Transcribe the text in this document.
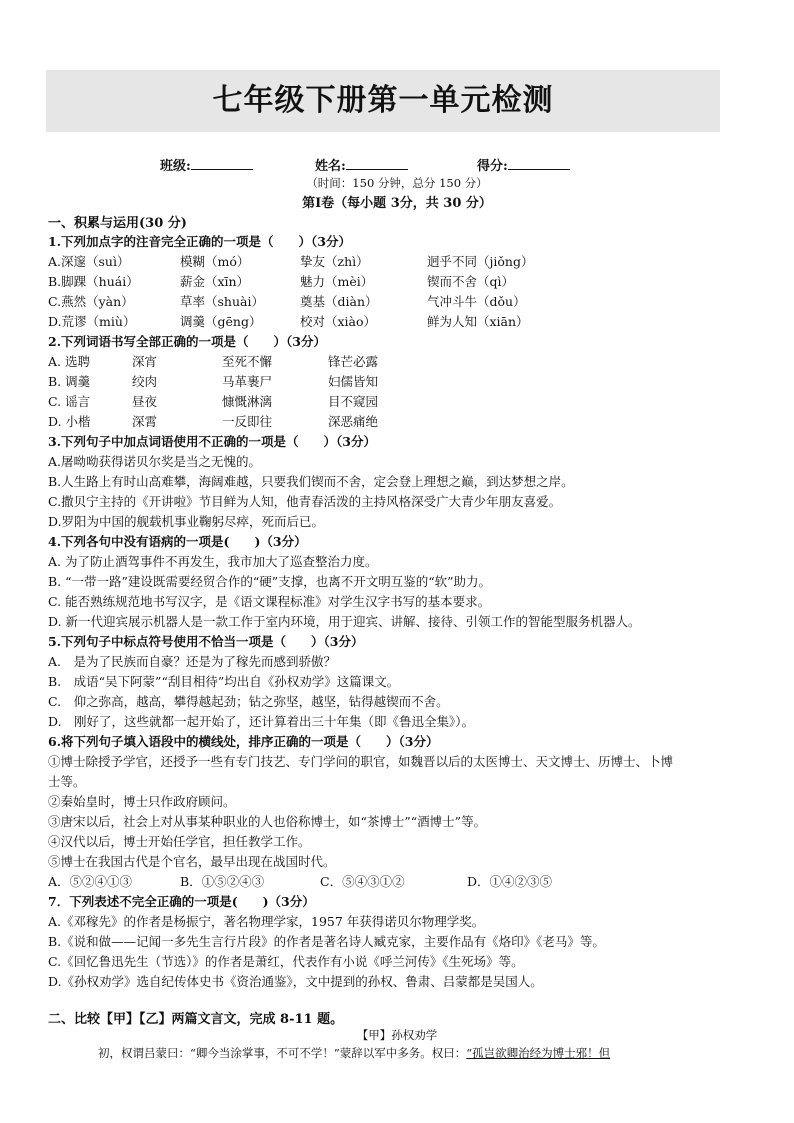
七年级下册第一单元检测
班级:	姓名:	得分:
（时间：150 分钟，总分 150 分）
第Ⅰ卷（每小题 3分，共 30 分）
一、积累与运用(30 分)
1.下列加点字的注音完全正确的一项是（　　）（3分）
A.深邃（suì）	模糊（mó）	挚友（zhì）	迥乎不同（jiǒng）
B.脚踝（huái）	薪金（xīn）	魅力（mèi）	锲而不舍（qì）
C.燕然（yàn）	草率（shuài）	奠基（diàn）	气冲斗牛（dǒu）
D.荒谬（miù）	调羹（gēng）	校对（xiào）	鲜为人知（xiān）
2.下列词语书写全部正确的一项是（　　）（3分）
A. 选聘	深宵	至死不懈	锋芒必露
B. 调羹	绞肉	马革裹尸	妇儒皆知
C. 谣言	昼夜	慷慨淋漓	目不窥园
D. 小楷	深霄	一反即往	深恶痛绝
3.下列句子中加点词语使用不正确的一项是（　　）（3分）
A.屠呦呦获得诺贝尔奖是当之无愧的。
B.人生路上有时山高难攀，海阔难越，只要我们锲而不舍，定会登上理想之巅，到达梦想之岸。
C.撒贝宁主持的《开讲啦》节目鲜为人知，他青春活泼的主持风格深受广大青少年朋友喜爱。
D.罗阳为中国的舰载机事业鞠躬尽瘁，死而后已。
4.下列各句中没有语病的一项是(　　)（3分）
A. 为了防止酒驾事件不再发生，我市加大了巡查整治力度。
B. “一带一路”建设既需要经贸合作的“硬”支撑，也离不开文明互鉴的“软”助力。
C. 能否熟练规范地书写汉字，是《语文课程标准》对学生汉字书写的基本要求。
D. 新一代迎宾展示机器人是一款工作于室内环境，用于迎宾、讲解、接待、引领工作的智能型服务机器人。
5.下列句子中标点符号使用不恰当一项是（　　）（3分）
A.　是为了民族而自豪？还是为了稼先而感到骄傲？
B.　成语“吴下阿蒙”“刮目相待”均出自《孙权劝学》这篇课文。
C.　仰之弥高，越高，攀得越起劲；钻之弥坚，越坚，钻得越锲而不舍。
D.　刚好了，这些就都一起开始了，还计算着出三十年集（即《鲁迅全集》）。
6.将下列句子填入语段中的横线处，排序正确的一项是（　　）（3分）
①博士除授予学官，还授予一些有专门技艺、专门学问的职官，如魏晋以后的太医博士、天文博士、历博士、卜博
士等。
②秦始皇时，博士只作政府顾问。
③唐宋以后，社会上对从事某种职业的人也俗称博士，如“茶博士”“酒博士”等。
④汉代以后，博士开始任学官，担任教学工作。
⑤博士在我国古代是个官名，最早出现在战国时代。
A．⑤②④①③	B．①⑤②④③	C．⑤④③①②	D．①④②③⑤
7．下列表述不完全正确的一项是(　　)（3分）
A.《邓稼先》的作者是杨振宁，著名物理学家，1957 年获得诺贝尔物理学奖。
B.《说和做——记闻一多先生言行片段》的作者是著名诗人臧克家，主要作品有《烙印》《老马》等。
C.《回忆鲁迅先生（节选）》的作者是萧红，代表作有小说《呼兰河传》《生死场》等。
D.《孙权劝学》选自纪传体史书《资治通鉴》，文中提到的孙权、鲁肃、吕蒙都是吴国人。
二、比较【甲】【乙】两篇文言文，完成 8-11 题。
【甲】孙权劝学
初，权谓吕蒙曰：“卿今当涂掌事，不可不学！”蒙辞以军中多务。权曰：“孤岂欲卿治经为博士邪！但
